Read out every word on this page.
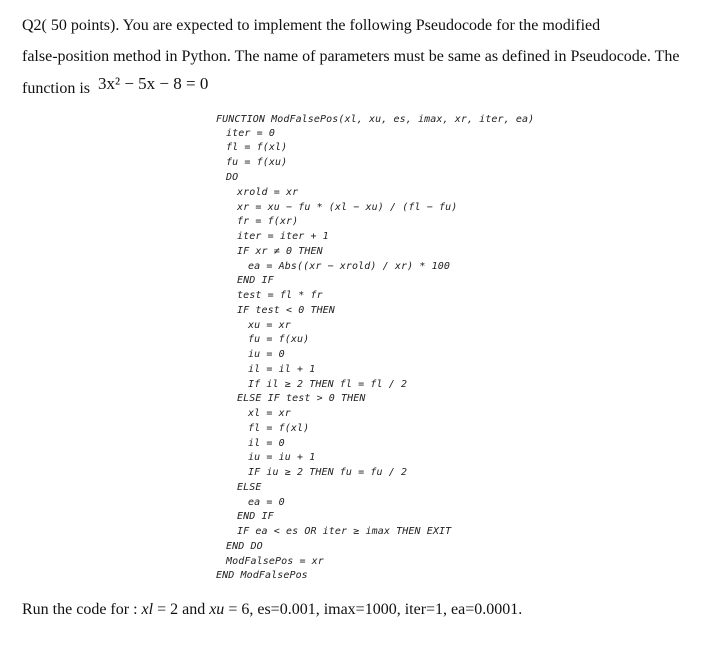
Q2( 50 points). You are expected to implement the following Pseudocode for the modified
false-position method in Python. The name of parameters must be same as defined in Pseudocode. The
function is 3x² − 5x − 8 = 0
FUNCTION ModFalsePos(xl, xu, es, imax, xr, iter, ea)
iter = 0
fl = f(xl)
fu = f(xu)
DO
xrold = xr
xr = xu − fu * (xl − xu) / (fl − fu)
fr = f(xr)
iter = iter + 1
IF xr ≠ 0 THEN
ea = Abs((xr − xrold) / xr) * 100
END IF
test = fl * fr
IF test < 0 THEN
xu = xr
fu = f(xu)
iu = 0
il = il + 1
If il ≥ 2 THEN fl = fl / 2
ELSE IF test > 0 THEN
xl = xr
fl = f(xl)
il = 0
iu = iu + 1
IF iu ≥ 2 THEN fu = fu / 2
ELSE
ea = 0
END IF
IF ea < es OR iter ≥ imax THEN EXIT
END DO
ModFalsePos = xr
END ModFalsePos
Run the code for : xl = 2 and xu = 6, es=0.001, imax=1000, iter=1, ea=0.0001.
